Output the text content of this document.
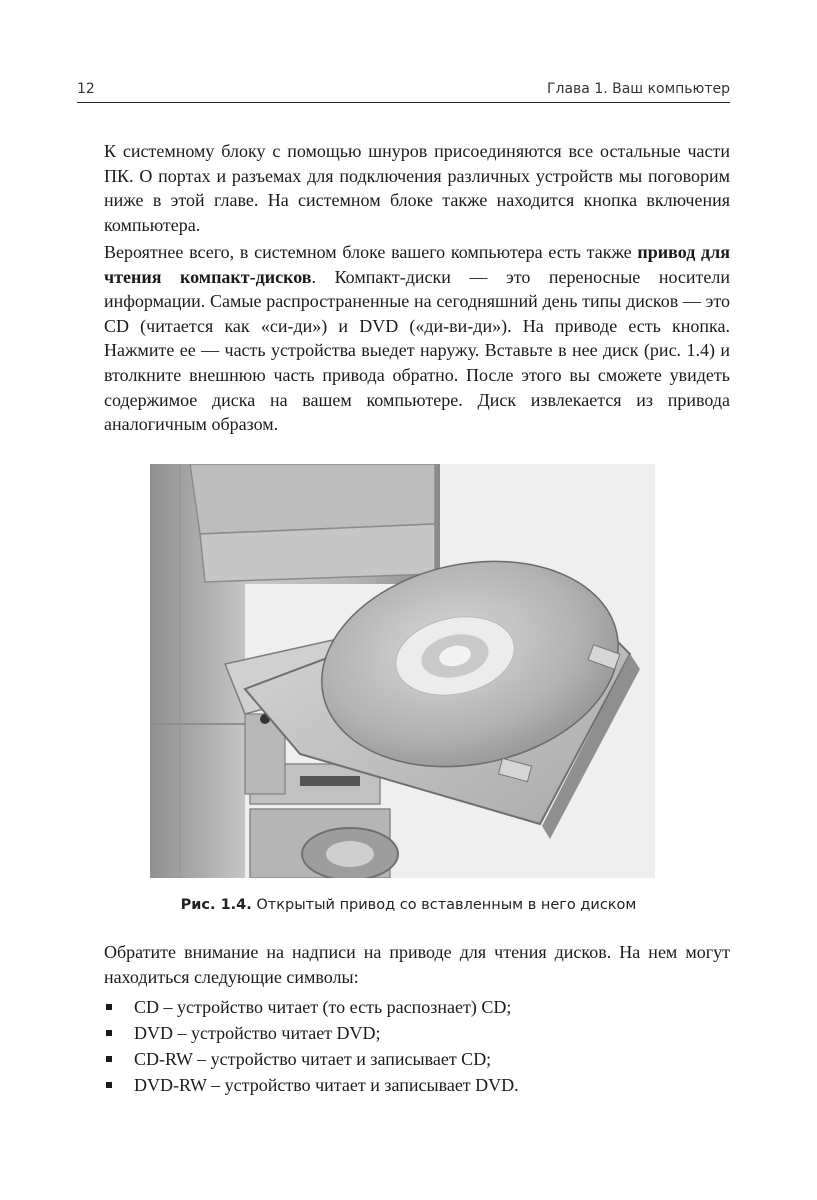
12	Глава 1. Ваш компьютер

К системному блоку с помощью шнуров присоединяются все остальные части ПК. О портах и разъемах для подключения различных устройств мы поговорим ниже в этой главе. На системном блоке также находится кнопка включения компьютера.

Вероятнее всего, в системном блоке вашего компьютера есть также привод для чтения компакт-дисков. Компакт-диски — это переносные носители информации. Самые распространенные на сегодняшний день типы дисков — это CD (читается как «си-ди») и DVD («ди-ви-ди»). На приводе есть кнопка. Нажмите ее — часть устройства выедет наружу. Вставьте в нее диск (рис. 1.4) и втолкните внешнюю часть привода обратно. После этого вы сможете увидеть содержимое диска на вашем компьютере. Диск извлекается из привода аналогичным образом.

Рис. 1.4. Открытый привод со вставленным в него диском

Обратите внимание на надписи на приводе для чтения дисков. На нем могут находиться следующие символы:

CD – устройство читает (то есть распознает) CD;
DVD – устройство читает DVD;
CD-RW – устройство читает и записывает CD;
DVD-RW – устройство читает и записывает DVD.
